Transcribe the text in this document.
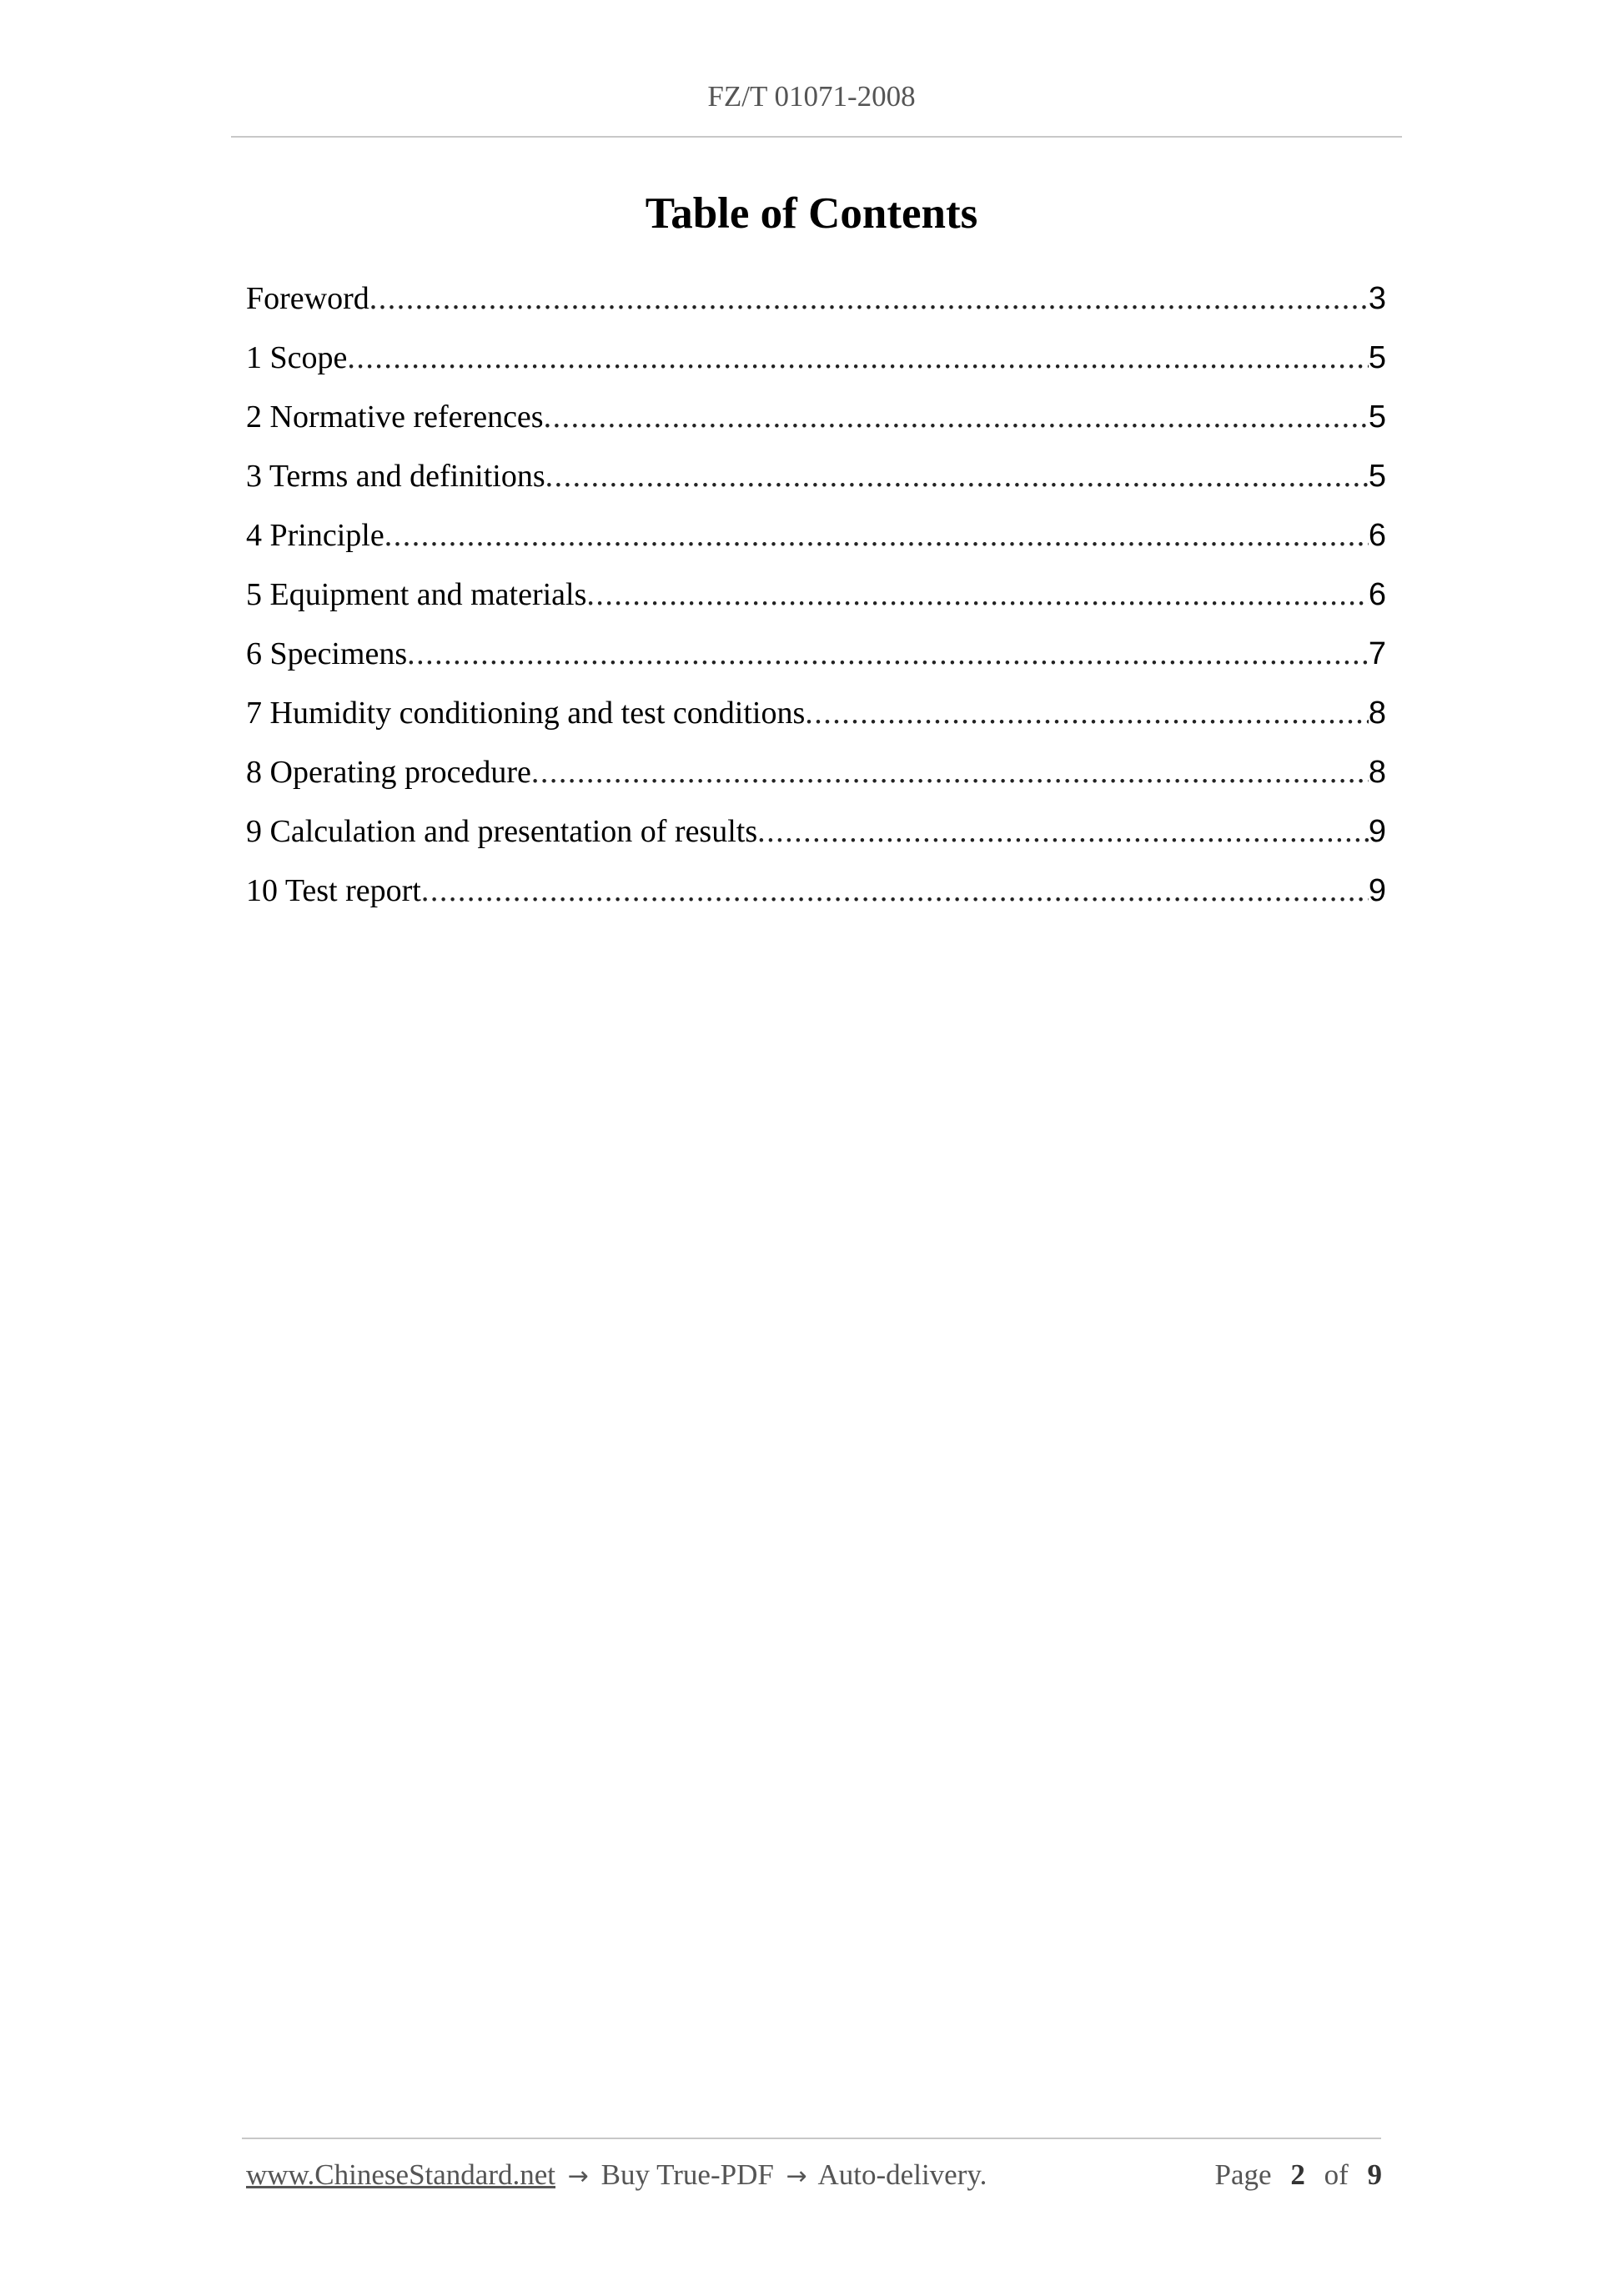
FZ/T 01071-2008
Table of Contents
Foreword .....	3
1 Scope .....	5
2 Normative references .....	5
3 Terms and definitions .....	5
4 Principle .....	6
5 Equipment and materials .....	6
6 Specimens .....	7
7 Humidity conditioning and test conditions .....	8
8 Operating procedure .....	8
9 Calculation and presentation of results .....	9
10 Test report .....	9
www.ChineseStandard.net → Buy True-PDF → Auto-delivery.	Page 2 of 9
